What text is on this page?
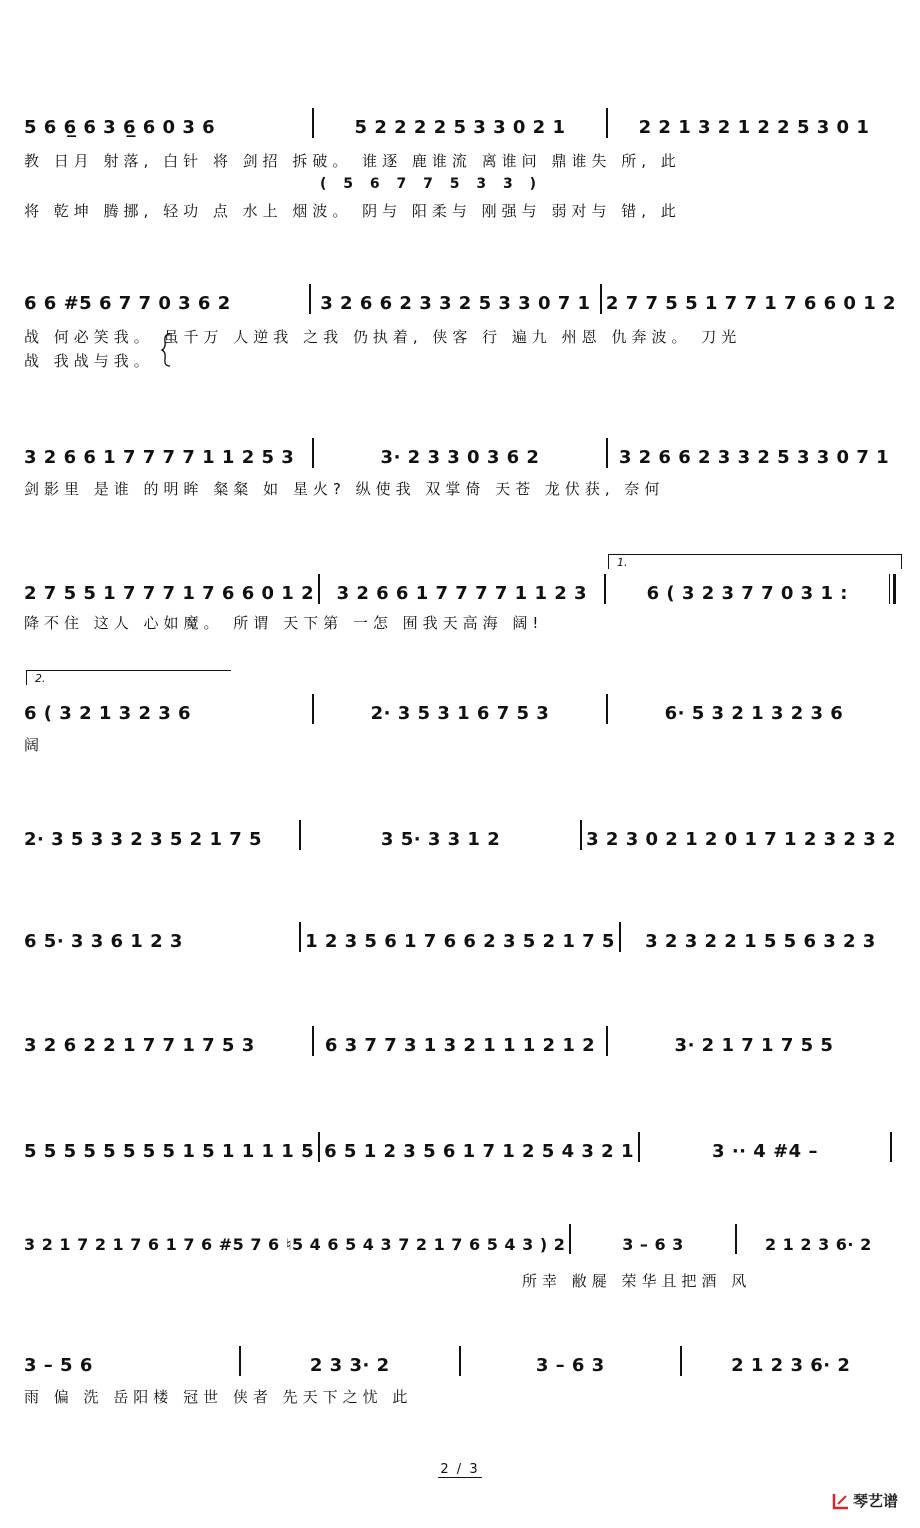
5 6 6̲ 6 3 6̲ 6 0 3 6	5 2 2 2 2 5 3 3 0 2 1	2 2 1 3 2 1 2 2 5 3 0 1
教 日月 射落, 白针 将 剑招 拆破。 谁逐 鹿谁流 离谁问 鼎谁失 所, 此
( 5 6 7 7 5 3 3 )
将 乾坤 腾挪, 轻功 点 水上 烟波。 阴与 阳柔与 刚强与 弱对与 错, 此
6 6 #5 6 7 7 0 3 6 2	3 2 6 6 2 3 3 2 5 3 3 0 7 1 2 7 7 5 5 1 7 7 1 7 6 6 0 1 2
战 何必笑我。 虽千万 人逆我 之我 仍执着, 侠客 行 遍九 州恩 仇奔波。 刀光
战 我战与我。
3 2 6 6 1 7 7 7 7 1 1 2 5 3	3· 2 3 3 0 3 6 2	3 2 6 6 2 3 3 2 5 3 3 0 7 1
剑影里 是谁 的明眸 粲粲 如 星火? 纵使我 双掌倚 天苍 龙伏获, 奈何
1.
2 7 5 5 1 7 7 7 1 7 6 6 0 1 2	3 2 6 6 1 7 7 7 7 1 1 2 3	6 ( 3 2 3 7 7 0 3 1 :
降不住 这人 心如魔。 所谓 天下第 一怎 囿我天高海 阔!
2.
6 ( 3 2 1 3 2 3 6	2· 3 5 3 1 6 7 5 3	6· 5 3 2 1 3 2 3 6
阔
2· 3 5 3 3 2 3 5 2 1 7 5	3 5· 3 3 1 2	3 2 3 0 2 1 2 0 1 7 1 2 3 2 3 2
6 5· 3 3 6 1 2 3	1 2 3 5 6 1 7 6 6 2 3 5 2 1 7 5	3 2 3 2 2 1 5 5 6 3 2 3
3 2 6 2 2 1 7 7 1 7 5 3	6 3 7 7 3 1 3 2 1 1 1 2 1 2	3· 2 1 7 1 7 5 5
5 5 5 5 5 5 5 5 1 5 1 1 1 1 5 6 5 1 2 3 5 6 1 7 1 2 5 4 3 2 1	3 ·· 4 #4 –
3 2 1 7 2 1 7 6 1 7 6 #5 7 6 ♮5 4 6 5 4 3 7 2 1 7 6 5 4 3 ) 2	3 – 6 3	2 1 2 3 6· 2
所幸 敝屣 荣华且把酒 风
3 – 5 6	2 3 3· 2	3 – 6 3	2 1 2 3 6· 2
雨 偏 洗 岳阳楼 冠世 侠者 先天下之忧 此
2 / 3
琴艺谱
